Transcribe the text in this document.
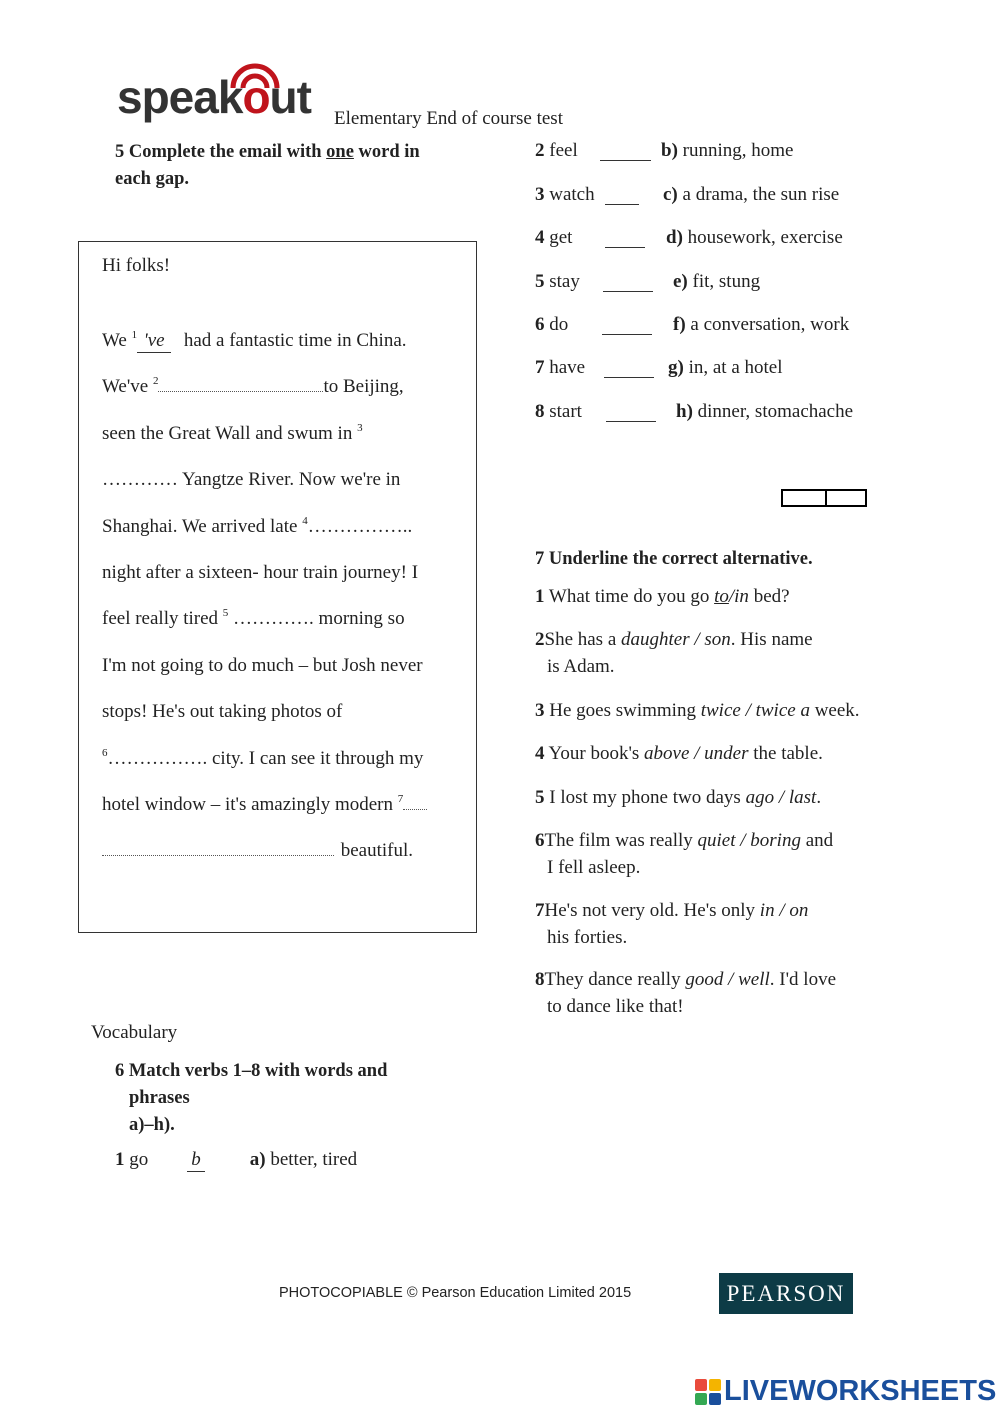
speakout Elementary End of course test
5 Complete the email with one word in
each gap.
Hi folks!
We $^1$ 've had a fantastic time in China.
We've $^2$	to Beijing,
seen the Great Wall and swum in $^3$
………… Yangtze River. Now we're in
Shanghai. We arrived late $^4$……………..
night after a sixteen- hour train journey! I
feel really tired $^5$ …………. morning so
I'm not going to do much – but Josh never
stops! He's out taking photos of
$^6$……………. city. I can see it through my
hotel window – it's amazingly modern $^7$
beautiful.
Vocabulary
6 Match verbs 1–8 with words and
phrases
a)–h).
1 go b	a) better, tired
2 feel	b) running, home
3 watch	c) a drama, the sun rise
4 get	d) housework, exercise
5 stay	e) fit, stung
6 do	f) a conversation, work
7 have	g) in, at a hotel
8 start	h) dinner, stomachache
7 Underline the correct alternative.
1 What time do you go to/in bed?
2She has a daughter / son. His name
is Adam.
3 He goes swimming twice / twice a week.
4 Your book's above / under the table.
5 I lost my phone two days ago / last.
6The film was really quiet / boring and
I fell asleep.
7He's not very old. He's only in / on
his forties.
8They dance really good / well. I'd love
to dance like that!
PHOTOCOPIABLE © Pearson Education Limited 2015	PEARSON
LIVEWORKSHEETS
